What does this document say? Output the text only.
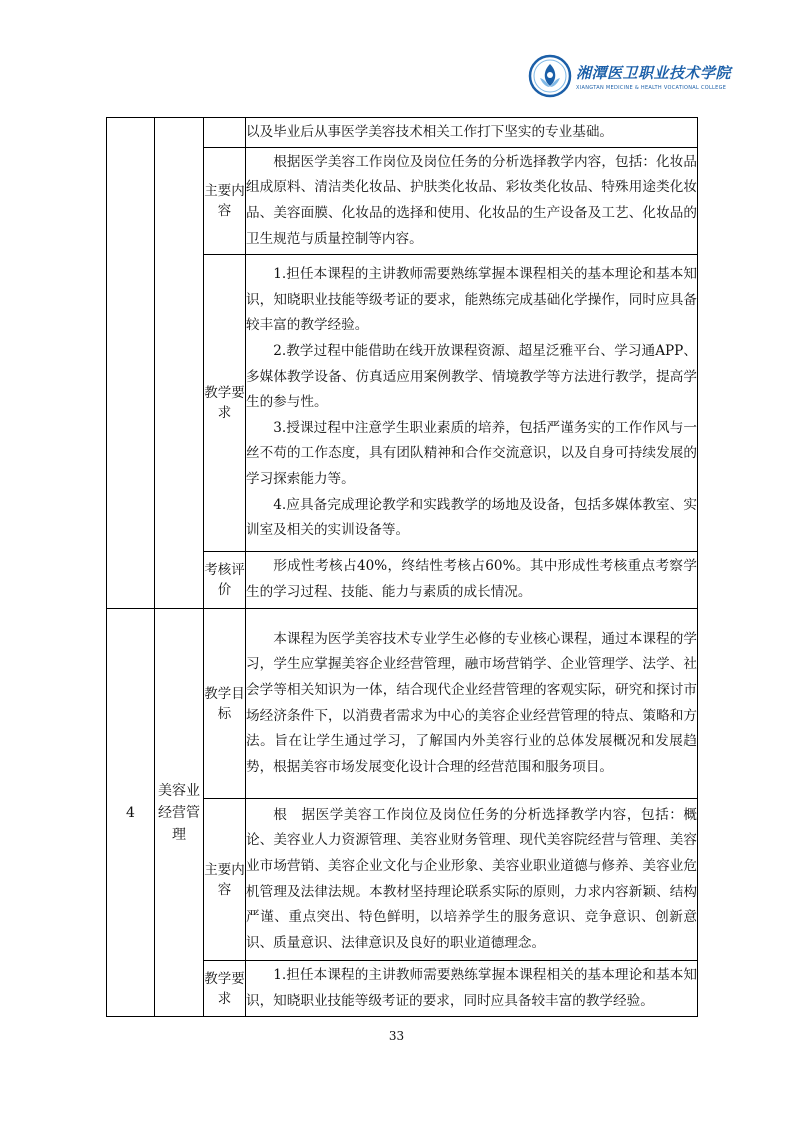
湘潭医卫职业技术学院
XIANGTAN MEDICINE & HEALTH VOCATIONAL COLLEGE

			以及毕业后从事医学美容技术相关工作打下坚实的专业基础。

		主要内容	根据医学美容工作岗位及岗位任务的分析选择教学内容，包括：化妆品组成原料、清洁类化妆品、护肤类化妆品、彩妆类化妆品、特殊用途类化妆品、美容面膜、化妆品的选择和使用、化妆品的生产设备及工艺、化妆品的卫生规范与质量控制等内容。

		教学要求	1.担任本课程的主讲教师需要熟练掌握本课程相关的基本理论和基本知识，知晓职业技能等级考证的要求，能熟练完成基础化学操作，同时应具备较丰富的教学经验。

2.教学过程中能借助在线开放课程资源、超星泛雅平台、学习通APP、多媒体教学设备、仿真适应用案例教学、情境教学等方法进行教学，提高学生的参与性。

3.授课过程中注意学生职业素质的培养，包括严谨务实的工作作风与一丝不苟的工作态度，具有团队精神和合作交流意识，以及自身可持续发展的学习探索能力等。

4.应具备完成理论教学和实践教学的场地及设备，包括多媒体教室、实训室及相关的实训设备等。

		考核评价	形成性考核占40%，终结性考核占60%。其中形成性考核重点考察学生的学习过程、技能、能力与素质的成长情况。

4	美容业经营管理	教学目标	本课程为医学美容技术专业学生必修的专业核心课程，通过本课程的学习，学生应掌握美容企业经营管理，融市场营销学、企业管理学、法学、社会学等相关知识为一体，结合现代企业经营管理的客观实际，研究和探讨市场经济条件下，以消费者需求为中心的美容企业经营管理的特点、策略和方法。旨在让学生通过学习，了解国内外美容行业的总体发展概况和发展趋势，根据美容市场发展变化设计合理的经营范围和服务项目。

		主要内容	根　据医学美容工作岗位及岗位任务的分析选择教学内容，包括：概论、美容业人力资源管理、美容业财务管理、现代美容院经营与管理、美容业市场营销、美容企业文化与企业形象、美容业职业道德与修养、美容业危机管理及法律法规。本教材坚持理论联系实际的原则，力求内容新颖、结构严谨、重点突出、特色鲜明，以培养学生的服务意识、竞争意识、创新意识、质量意识、法律意识及良好的职业道德理念。

		教学要求	1.担任本课程的主讲教师需要熟练掌握本课程相关的基本理论和基本知识，知晓职业技能等级考证的要求，同时应具备较丰富的教学经验。

33
